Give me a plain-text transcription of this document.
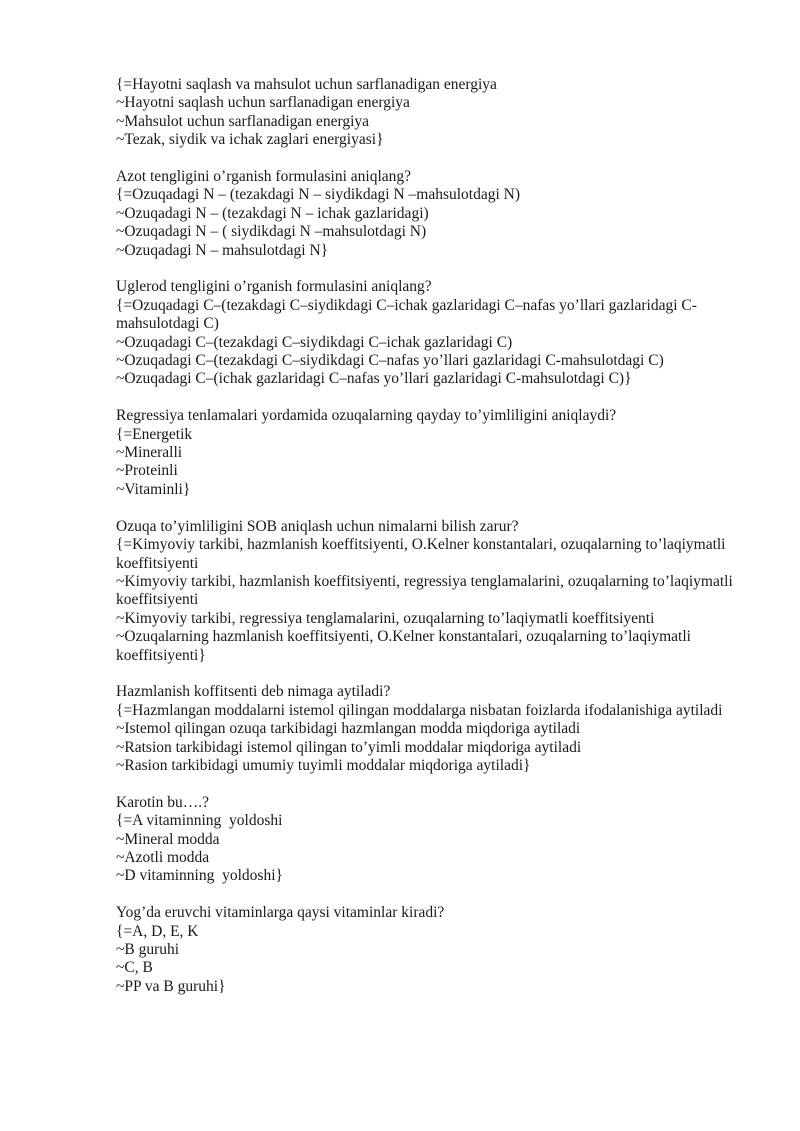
{=Hayotni saqlash va mahsulot uchun sarflanadigan energiya
~Hayotni saqlash uchun sarflanadigan energiya
~Mahsulot uchun sarflanadigan energiya
~Tezak, siydik va ichak zaglari energiyasi}
Azot tengligini o’rganish formulasini aniqlang?
{=Ozuqadagi N – (tezakdagi N – siydikdagi N –mahsulotdagi N)
~Ozuqadagi N – (tezakdagi N – ichak gazlaridagi)
~Ozuqadagi N – ( siydikdagi N –mahsulotdagi N)
~Ozuqadagi N – mahsulotdagi N}
Uglerod tengligini o’rganish formulasini aniqlang?
{=Ozuqadagi C–(tezakdagi C–siydikdagi C–ichak gazlaridagi C–nafas yo’llari gazlaridagi C-mahsulotdagi C)
~Ozuqadagi C–(tezakdagi C–siydikdagi C–ichak gazlaridagi C)
~Ozuqadagi C–(tezakdagi C–siydikdagi C–nafas yo’llari gazlaridagi C-mahsulotdagi C)
~Ozuqadagi C–(ichak gazlaridagi C–nafas yo’llari gazlaridagi C-mahsulotdagi C)}
Regressiya tenlamalari yordamida ozuqalarning qayday to’yimliligini aniqlaydi?
{=Energetik
~Mineralli
~Proteinli
~Vitaminli}
Ozuqa to’yimliligini SOB aniqlash uchun nimalarni bilish zarur?
{=Kimyoviy tarkibi, hazmlanish koeffitsiyenti, O.Kelner konstantalari, ozuqalarning to’laqiymatli koeffitsiyenti
~Kimyoviy tarkibi, hazmlanish koeffitsiyenti, regressiya tenglamalarini, ozuqalarning to’laqiymatli koeffitsiyenti
~Kimyoviy tarkibi, regressiya tenglamalarini, ozuqalarning to’laqiymatli koeffitsiyenti
~Ozuqalarning hazmlanish koeffitsiyenti, O.Kelner konstantalari, ozuqalarning to’laqiymatli koeffitsiyenti}
Hazmlanish koffitsenti deb nimaga aytiladi?
{=Hazmlangan moddalarni istemol qilingan moddalarga nisbatan foizlarda ifodalanishiga aytiladi
~Istemol qilingan ozuqa tarkibidagi hazmlangan modda miqdoriga aytiladi
~Ratsion tarkibidagi istemol qilingan to’yimli moddalar miqdoriga aytiladi
~Rasion tarkibidagi umumiy tuyimli moddalar miqdoriga aytiladi}
Karotin bu….?
{=A vitaminning  yoldoshi
~Mineral modda
~Azotli modda
~D vitaminning  yoldoshi}
Yog’da eruvchi vitaminlarga qaysi vitaminlar kiradi?
{=A, D, E, K
~B guruhi
~C, B
~PP va B guruhi}
